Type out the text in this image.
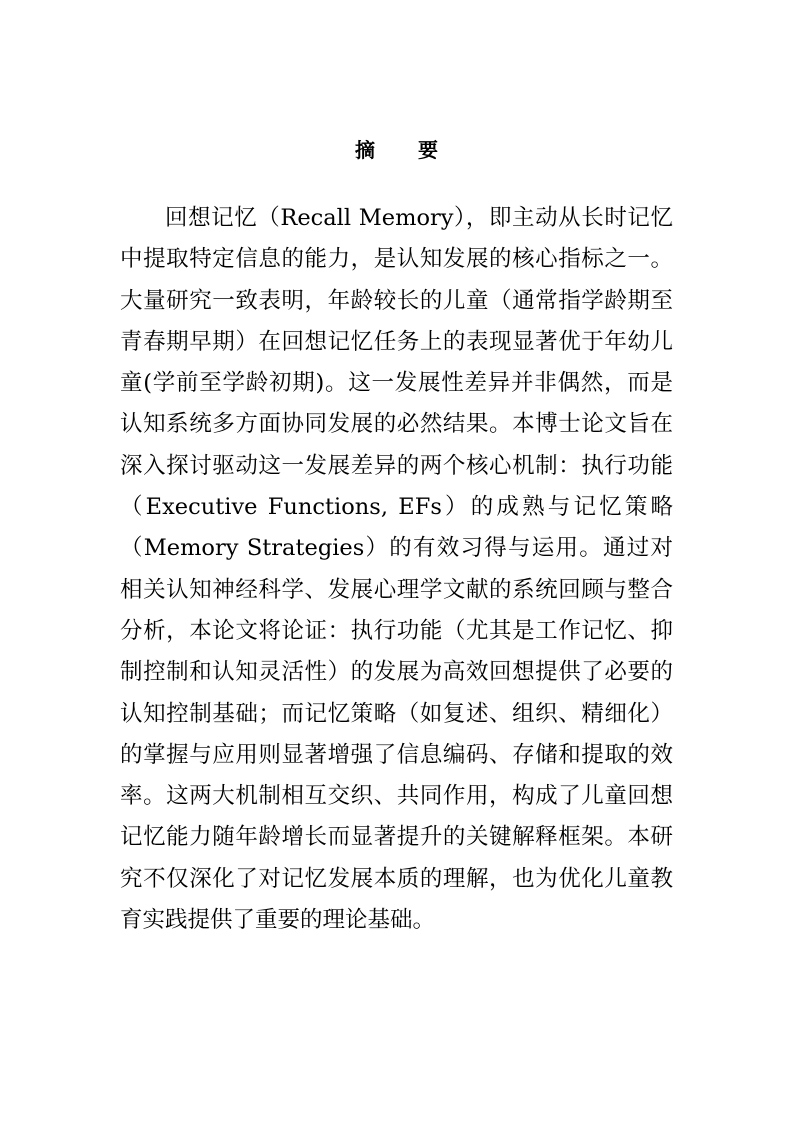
摘 要

回想记忆（Recall Memory），即主动从长时记忆中提取特定信息的能力，是认知发展的核心指标之一。大量研究一致表明，年龄较长的儿童（通常指学龄期至青春期早期）在回想记忆任务上的表现显著优于年幼儿童(学前至学龄初期)。这一发展性差异并非偶然，而是认知系统多方面协同发展的必然结果。本博士论文旨在深入探讨驱动这一发展差异的两个核心机制：执行功能（Executive Functions, EFs）的成熟与记忆策略（Memory Strategies）的有效习得与运用。通过对相关认知神经科学、发展心理学文献的系统回顾与整合分析，本论文将论证：执行功能（尤其是工作记忆、抑制控制和认知灵活性）的发展为高效回想提供了必要的认知控制基础；而记忆策略（如复述、组织、精细化）的掌握与应用则显著增强了信息编码、存储和提取的效率。这两大机制相互交织、共同作用，构成了儿童回想记忆能力随年龄增长而显著提升的关键解释框架。本研究不仅深化了对记忆发展本质的理解，也为优化儿童教育实践提供了重要的理论基础。
